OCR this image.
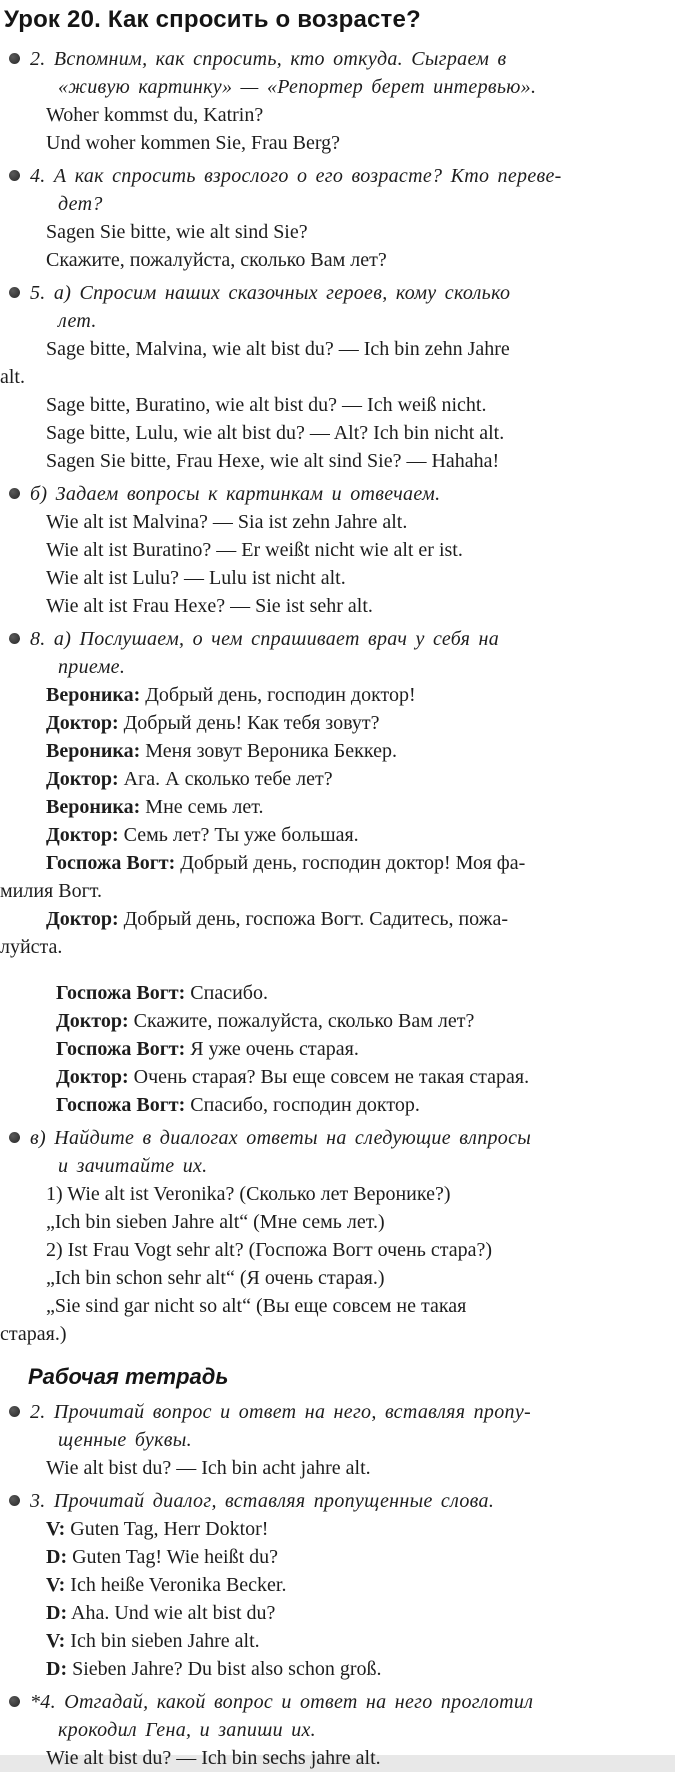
Урок 20. Как спросить о возрасте?

2. Вспомним, как спросить, кто откуда. Сыграем в
«живую картинку» — «Репортер берет интервью».

Woher kommst du, Katrin?

Und woher kommen Sie, Frau Berg?

4. А как спросить взрослого о его возрасте? Кто переве-
дет?

Sagen Sie bitte, wie alt sind Sie?

Скажите, пожалуйста, сколько Вам лет?

5. а) Спросим наших сказочных героев, кому сколько
лет.

Sage bitte, Malvina, wie alt bist du? — Ich bin zehn Jahre
alt.

Sage bitte, Buratino, wie alt bist du? — Ich weiß nicht.

Sage bitte, Lulu, wie alt bist du? — Alt? Ich bin nicht alt.

Sagen Sie bitte, Frau Hexe, wie alt sind Sie? — Hahaha!

б) Задаем вопросы к картинкам и отвечаем.

Wie alt ist Malvina? — Sia ist zehn Jahre alt.

Wie alt ist Buratino? — Er weißt nicht wie alt er ist.

Wie alt ist Lulu? — Lulu ist nicht alt.

Wie alt ist Frau Hexe? — Sie ist sehr alt.

8. а) Послушаем, о чем спрашивает врач у себя на
приеме.

Вероника: Добрый день, господин доктор!

Доктор: Добрый день! Как тебя зовут?

Вероника: Меня зовут Вероника Беккер.

Доктор: Ага. А сколько тебе лет?

Вероника: Мне семь лет.

Доктор: Семь лет? Ты уже большая.

Госпожа Вогт: Добрый день, господин доктор! Моя фа-
милия Вогт.

Доктор: Добрый день, госпожа Вогт. Садитесь, пожа-
луйста.

Госпожа Вогт: Спасибо.

Доктор: Скажите, пожалуйста, сколько Вам лет?

Госпожа Вогт: Я уже очень старая.

Доктор: Очень старая? Вы еще совсем не такая старая.

Госпожа Вогт: Спасибо, господин доктор.

в) Найдите в диалогах ответы на следующие влпросы
и зачитайте их.

1) Wie alt ist Veronika? (Сколько лет Веронике?)

„Ich bin sieben Jahre alt“ (Мне семь лет.)

2) Ist Frau Vogt sehr alt? (Госпожа Вогт очень стара?)

„Ich bin schon sehr alt“ (Я очень старая.)

„Sie sind gar nicht so alt“ (Вы еще совсем не такая
старая.)

Рабочая тетрадь

2. Прочитай вопрос и ответ на него, вставляя пропу-
щенные буквы.

Wie alt bist du? — Ich bin acht jahre alt.

3. Прочитай диалог, вставляя пропущенные слова.

V: Guten Tag, Herr Doktor!

D: Guten Tag! Wie heißt du?

V: Ich heiße Veronika Becker.

D: Aha. Und wie alt bist du?

V: Ich bin sieben Jahre alt.

D: Sieben Jahre? Du bist also schon groß.

*4. Отгадай, какой вопрос и ответ на него проглотил
крокодил Гена, и запиши их.

Wie alt bist du? — Ich bin sechs jahre alt.
